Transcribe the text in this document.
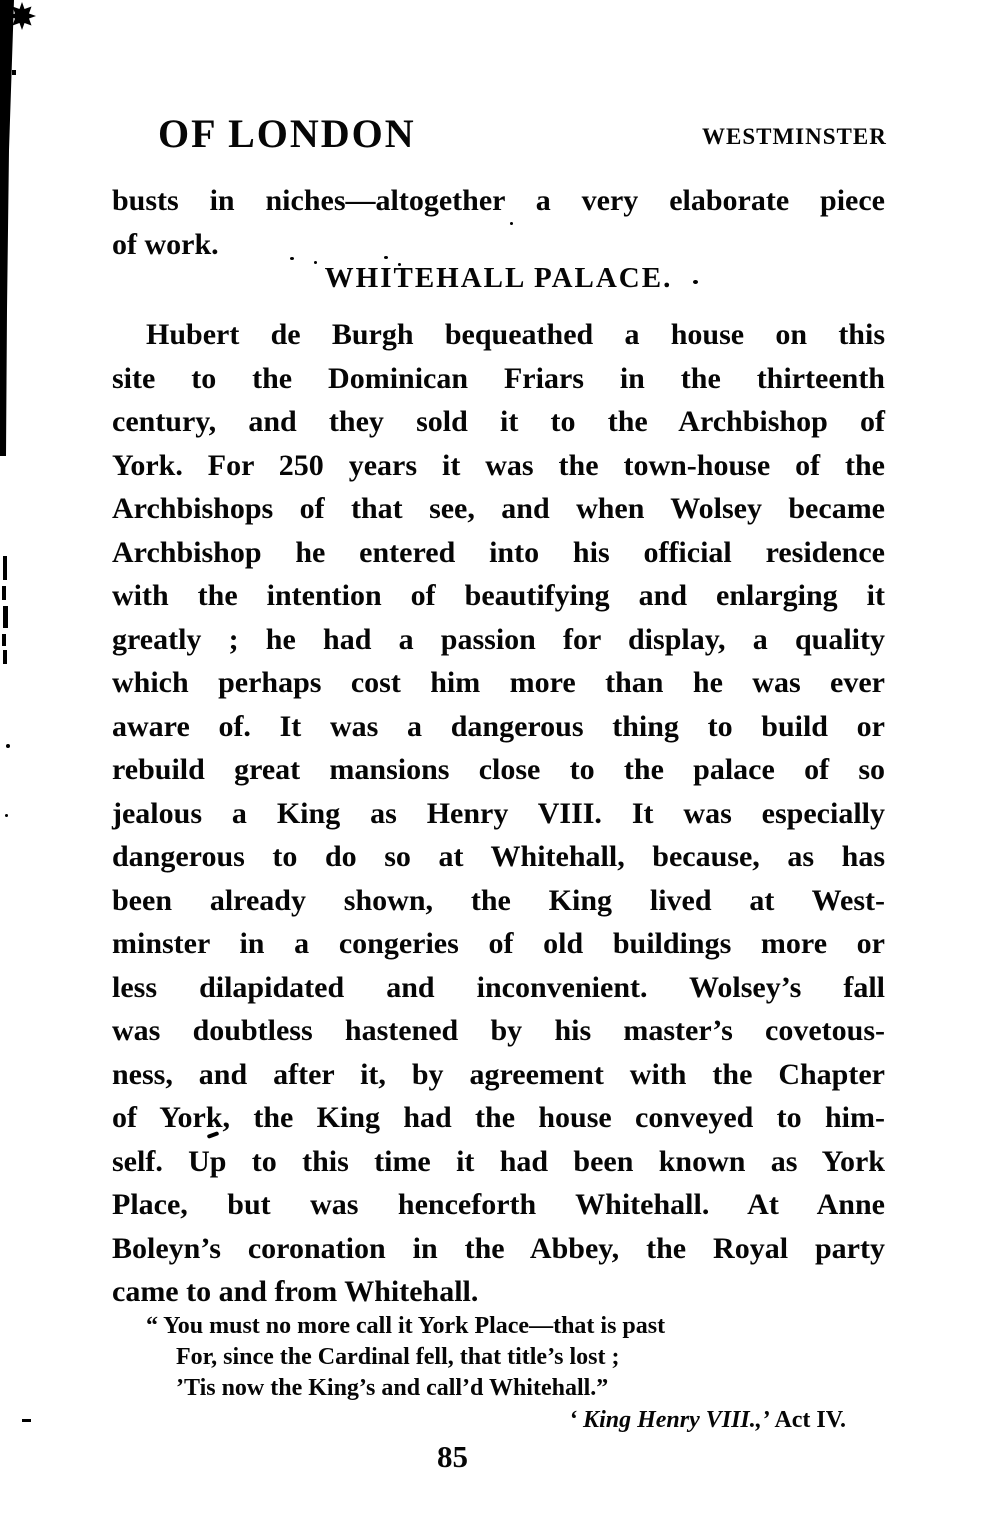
OF LONDON	WESTMINSTER
busts in niches—altogether a very elaborate piece
of work.
WHITEHALL PALACE.
Hubert de Burgh bequeathed a house on this
site to the Dominican Friars in the thirteenth
century, and they sold it to the Archbishop of
York. For 250 years it was the town-house of the
Archbishops of that see, and when Wolsey became
Archbishop he entered into his official residence
with the intention of beautifying and enlarging it
greatly ; he had a passion for display, a quality
which perhaps cost him more than he was ever
aware of. It was a dangerous thing to build or
rebuild great mansions close to the palace of so
jealous a King as Henry VIII. It was especially
dangerous to do so at Whitehall, because, as has
been already shown, the King lived at West-
minster in a congeries of old buildings more or
less dilapidated and inconvenient. Wolsey’s fall
was doubtless hastened by his master’s covetous-
ness, and after it, by agreement with the Chapter
of York, the King had the house conveyed to him-
self. Up to this time it had been known as York
Place, but was henceforth Whitehall. At Anne
Boleyn’s coronation in the Abbey, the Royal party
came to and from Whitehall.
“ You must no more call it York Place—that is past
For, since the Cardinal fell, that title’s lost ;
’Tis now the King’s and call’d Whitehall.”
‘ King Henry VIII.,’ Act IV.
85
